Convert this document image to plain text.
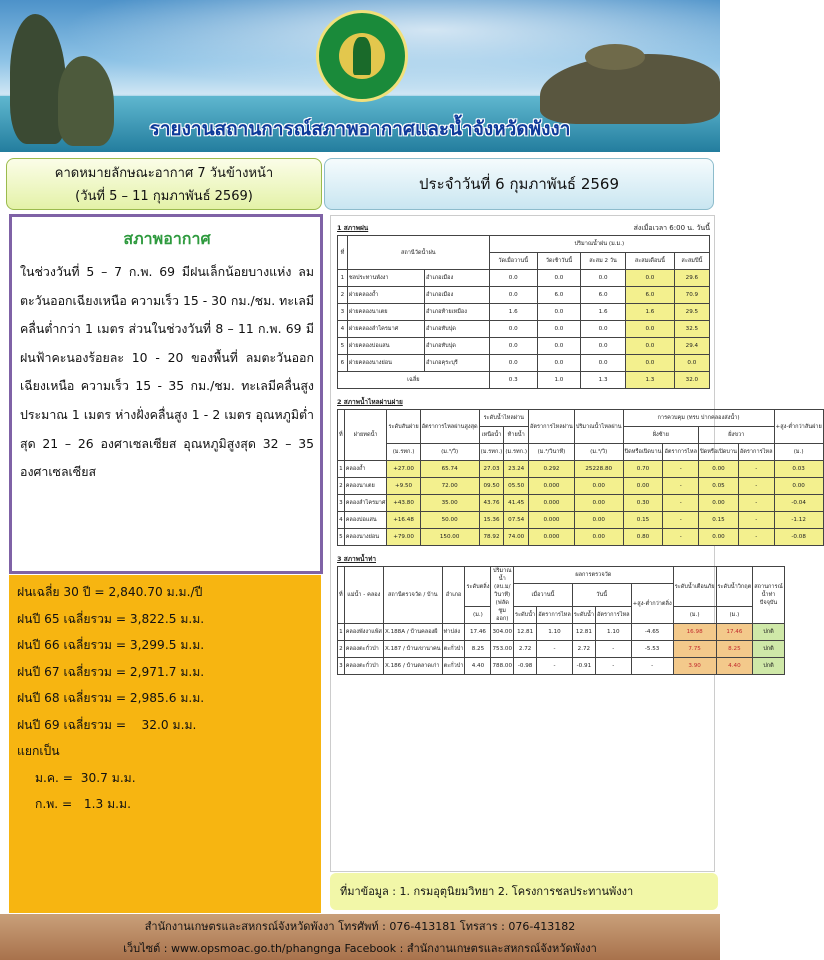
รายงานสถานการณ์สภาพอากาศและน้ำจังหวัดพังงา
คาดหมายลักษณะอากาศ 7 วันข้างหน้า
(วันที่ 5 – 11 กุมภาพันธ์ 2569)
ประจำวันที่ 6 กุมภาพันธ์ 2569
สภาพอากาศ
ในช่วงวันที่ 5 – 7 ก.พ. 69 มีฝนเล็กน้อยบางแห่ง ลมตะวันออกเฉียงเหนือ ความเร็ว 15 - 30 กม./ชม. ทะเลมีคลื่นต่ำกว่า 1 เมตร ส่วนในช่วงวันที่ 8 – 11 ก.พ. 69 มีฝนฟ้าคะนองร้อยละ 10 - 20 ของพื้นที่ ลมตะวันออกเฉียงเหนือ ความเร็ว 15 - 35 กม./ชม. ทะเลมีคลื่นสูงประมาณ 1 เมตร ห่างฝั่งคลื่นสูง 1 - 2 เมตร อุณหภูมิต่ำสุด 21 – 26 องศาเซลเซียส อุณหภูมิสูงสุด 32 – 35 องศาเซลเซียส
ฝนเฉลี่ย 30 ปี = 2,840.70 ม.ม./ปี
ฝนปี 65 เฉลี่ยรวม = 3,822.5 ม.ม.
ฝนปี 66 เฉลี่ยรวม = 3,299.5 ม.ม.
ฝนปี 67 เฉลี่ยรวม = 2,971.7 ม.ม.
ฝนปี 68 เฉลี่ยรวม = 2,985.6 ม.ม.
ฝนปี 69 เฉลี่ยรวม =    32.0 ม.ม.
แยกเป็น
ม.ค. =  30.7 ม.ม.
ก.พ. =   1.3 ม.ม.
1 สภาพฝน	ส่งเมื่อเวลา 6:00 น. วันนี้
ที่	สถานีวัดน้ำฝน		ปริมาณน้ำฝน (ม.ม.)				
			วัดเมื่อวานนี้	วัดเช้าวันนี้	สะสม 2 วัน	สะสมเดือนนี้	สะสมปีนี้
1	ชลประทานพังงา	อำเภอเมือง	0.0	0.0	0.0	0.0	29.6
2	ฝายคลองถ้ำ	อำเภอเมือง	0.0	6.0	6.0	6.0	70.9
3	ฝายคลองนาเตย	อำเภอท้ายเหมือง	1.6	0.0	1.6	1.6	29.5
4	ฝายคลองลำไครมาศ	อำเภอทับปุด	0.0	0.0	0.0	0.0	32.5
5	ฝายคลองบ่อแสน	อำเภอทับปุด	0.0	0.0	0.0	0.0	29.4
6	ฝายคลองนางย่อน	อำเภอคุระบุรี	0.0	0.0	0.0	0.0	0.0
เฉลี่ย			0.3	1.0	1.3	1.3	32.0
2 สภาพน้ำไหลผ่านฝาย
ที่	ฝายทดน้ำ	ระดับสันฝาย	อัตราการไหลผ่านสูงสุด	ระดับน้ำไหลผ่าน		อัตราการไหลผ่าน	ปริมาณน้ำไหลผ่าน	การควบคุม (ทรบ ปากคลองส่งน้ำ)				+สูง-ต่ำกว่าสันฝาย
				เหนือน้ำ	ท้ายน้ำ			ฝั่งซ้าย		ฝั่งขวา		
		(ม.รทก.)	(ม.³/วิ)	(ม.รทก.)	(ม.รทก.)	(ม.³/วินาที)	(ม.³/วิ)	ปิดหรือเปิดบาน	อัตราการไหล	ปิดหรือเปิดบาน	อัตราการไหล	(ม.)
1	คลองถ้ำ	+27.00	65.74	27.03	23.24	0.292	25228.80	0.70	-	0.00	-	0.03
2	คลองนาเตย	+9.50	72.00	09.50	05.50	0.000	0.00	0.00	-	0.05	-	0.00
3	คลองลำไครมาศ	+43.80	35.00	43.76	41.45	0.000	0.00	0.30	-	0.00	-	-0.04
4	คลองบ่อแสน	+16.48	50.00	15.36	07.54	0.000	0.00	0.15	-	0.15	-	-1.12
5	คลองนางย่อน	+79.00	150.00	78.92	74.00	0.000	0.00	0.80	-	0.00	-	-0.08
3 สภาพน้ำท่า
ที่	แม่น้ำ - คลอง	สถานีตรวจวัด / บ้าน	อำเภอ	ระดับตลิ่ง	ปริมาณน้ำ (ลบ.ม/วินาที) (ฟลัดซูมออก)	ผลการตรวจวัด					ระดับน้ำเตือนภัย	ระดับน้ำวิกฤต	สถานการณ์น้ำท่า ปัจจุบัน
						เมื่อวานนี้		วันนี้		+สูง-ต่ำกว่าตลิ่ง			
				(ม.)		ระดับน้ำ	อัตราการไหล	ระดับน้ำ	อัตราการไหล		(ม.)	(ม.)	
1	คลองพังงาแพ้ส	X.188A / บ้านคลองผี	ท่าปล่ง	17.46	304.00	12.81	1.10	12.81	1.10	-4.65	16.98	17.46	ปกติ
2	คลองตะกั่วป่า	X.187 / บ้านเขานาคน	ตะกั่วป่า	8.25	753.00	2.72	-	2.72	-	-5.53	7.75	8.25	ปกติ
3	คลองตะกั่วป่า	X.186 / บ้านตลาดเก่า	ตะกั่วป่า	4.40	788.00	-0.98	-	-0.91	-	-	3.90	4.40	ปกติ
ที่มาข้อมูล : 1. กรมอุตุนิยมวิทยา 2. โครงการชลประทานพังงา
สำนักงานเกษตรและสหกรณ์จังหวัดพังงา โทรศัพท์ : 076-413181 โทรสาร : 076-413182
เว็บไซต์ : www.opsmoac.go.th/phangnga Facebook : สำนักงานเกษตรและสหกรณ์จังหวัดพังงา
